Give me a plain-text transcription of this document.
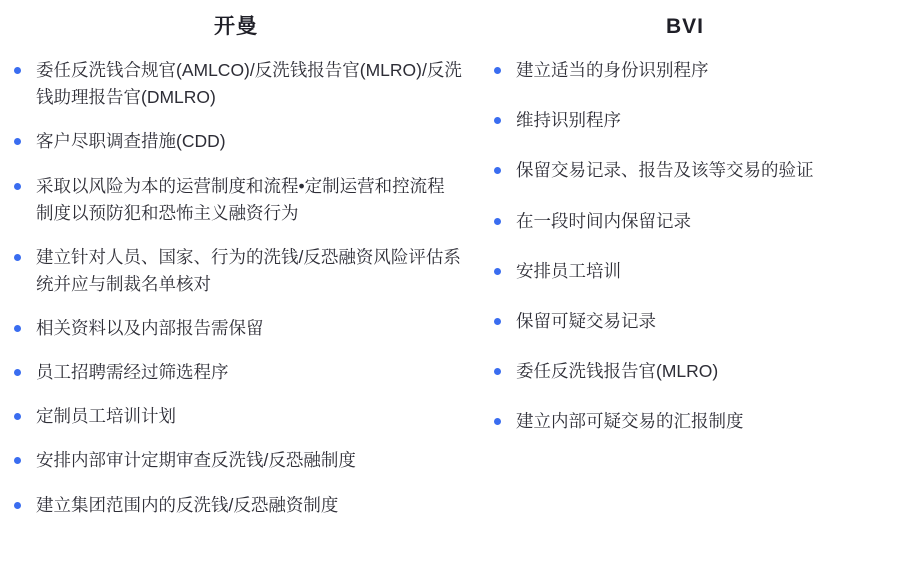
开曼
委任反洗钱合规官(AMLCO)/反洗钱报告官(MLRO)/反洗钱助理报告官(DMLRO)
客户尽职调查措施(CDD)
采取以风险为本的运营制度和流程•定制运营和控流程制度以预防犯和恐怖主义融资行为
建立针对人员、国家、行为的洗钱/反恐融资风险评估系统并应与制裁名单核对
相关资料以及内部报告需保留
员工招聘需经过筛选程序
定制员工培训计划
安排内部审计定期审查反洗钱/反恐融制度
建立集团范围内的反洗钱/反恐融资制度
BVI
建立适当的身份识别程序
维持识别程序
保留交易记录、报告及该等交易的验证
在一段时间内保留记录
安排员工培训
保留可疑交易记录
委任反洗钱报告官(MLRO)
建立内部可疑交易的汇报制度
